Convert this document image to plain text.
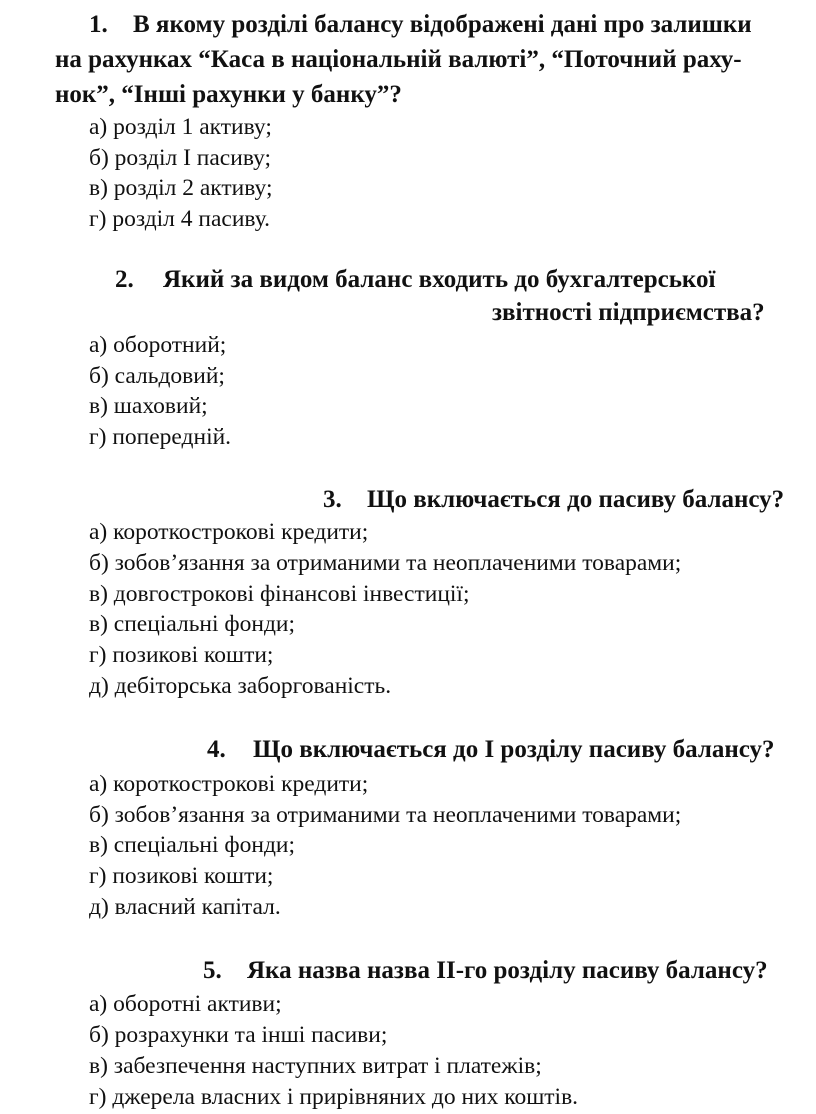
1. В якому розділі балансу відображені дані про залишки
на рахунках “Каса в національній валюті”, “Поточний раху-
нок”, “Інші рахунки у банку”?
а) розділ 1 активу;
б) розділ І пасиву;
в) розділ 2 активу;
г) розділ 4 пасиву.
2. Який за видом баланс входить до бухгалтерської
звітності підприємства?
а) оборотний;
б) сальдовий;
в) шаховий;
г) попередній.
3. Що включається до пасиву балансу?
а) короткострокові кредити;
б) зобов’язання за отриманими та неоплаченими товарами;
в) довгострокові фінансові інвестиції;
в) спеціальні фонди;
г) позикові кошти;
д) дебіторська заборгованість.
4. Що включається до І розділу пасиву балансу?
а) короткострокові кредити;
б) зобов’язання за отриманими та неоплаченими товарами;
в) спеціальні фонди;
г) позикові кошти;
д) власний капітал.
5. Яка назва назва ІІ-го розділу пасиву балансу?
а) оборотні активи;
б) розрахунки та інші пасиви;
в) забезпечення наступних витрат і платежів;
г) джерела власних і прирівняних до них коштів.
